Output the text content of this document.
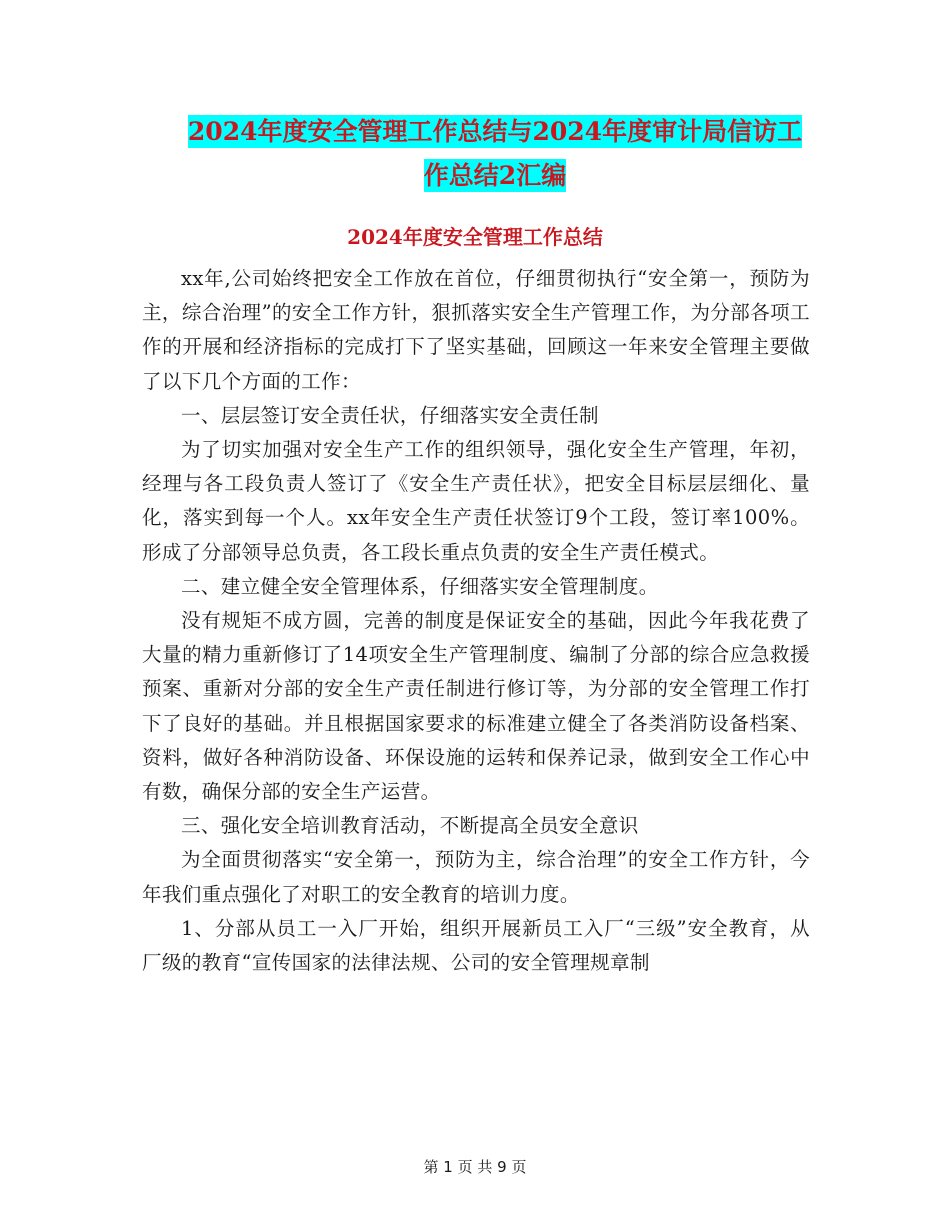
2024年度安全管理工作总结与2024年度审计局信访工
作总结2汇编
2024年度安全管理工作总结

xx年,公司始终把安全工作放在首位，仔细贯彻执行“安全第一，预防为主，综合治理”的安全工作方针，狠抓落实安全生产管理工作，为分部各项工作的开展和经济指标的完成打下了坚实基础，回顾这一年来安全管理主要做了以下几个方面的工作：

一、层层签订安全责任状，仔细落实安全责任制

为了切实加强对安全生产工作的组织领导，强化安全生产管理，年初，经理与各工段负责人签订了《安全生产责任状》，把安全目标层层细化、量化，落实到每一个人。xx年安全生产责任状签订9个工段，签订率100%。形成了分部领导总负责，各工段长重点负责的安全生产责任模式。

二、建立健全安全管理体系，仔细落实安全管理制度。

没有规矩不成方圆，完善的制度是保证安全的基础，因此今年我花费了大量的精力重新修订了14项安全生产管理制度、编制了分部的综合应急救援预案、重新对分部的安全生产责任制进行修订等，为分部的安全管理工作打下了良好的基础。并且根据国家要求的标准建立健全了各类消防设备档案、资料，做好各种消防设备、环保设施的运转和保养记录，做到安全工作心中有数，确保分部的安全生产运营。

三、强化安全培训教育活动，不断提高全员安全意识

为全面贯彻落实“安全第一，预防为主，综合治理”的安全工作方针，今年我们重点强化了对职工的安全教育的培训力度。

1、分部从员工一入厂开始，组织开展新员工入厂“三级”安全教育，从厂级的教育“宣传国家的法律法规、公司的安全管理规章制

第 1 页 共 9 页
